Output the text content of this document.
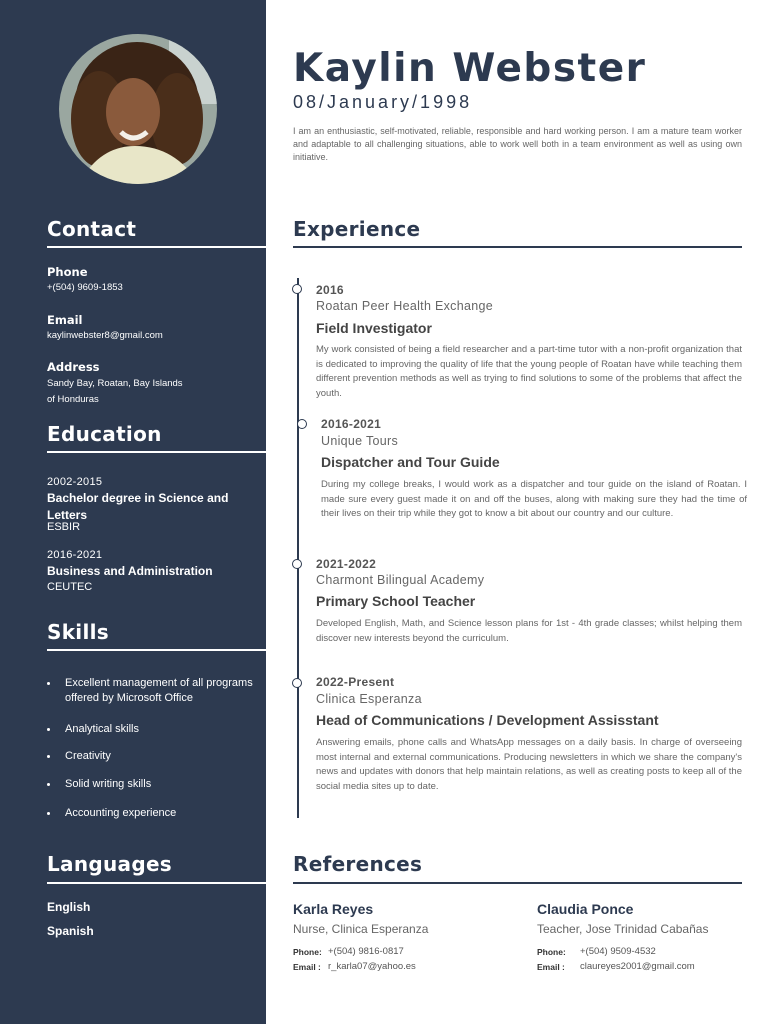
Contact
Phone
+(504) 9609-1853
Email
kaylinwebster8@gmail.com
Address
Sandy Bay, Roatan, Bay Islands
of Honduras
Education
2002-2015
Bachelor degree in Science and Letters
ESBIR
2016-2021
Business and Administration
CEUTEC
Skills
Excellent management of all programs offered by Microsoft Office
Analytical skills
Creativity
Solid writing skills
Accounting experience
Languages
English
Spanish
Kaylin Webster
08/January/1998
I am an enthusiastic, self-motivated, reliable, responsible and hard working person. I am a mature team worker and adaptable to all challenging situations, able to work well both in a team environment as well as using own initiative.
Experience
2016
Roatan Peer Health Exchange
Field Investigator
My work consisted of being a field researcher and a part-time tutor with a non-profit organization that is dedicated to improving the quality of life that the young people of Roatan have while teaching them different prevention methods as well as trying to find solutions to some of the problems that affect the youth.
2016-2021
Unique Tours
Dispatcher and Tour Guide
During my college breaks, I would work as a dispatcher and tour guide on the island of Roatan. I made sure every guest made it on and off the buses, along with making sure they had the time of their lives on their trip while they got to know a bit about our country and our culture.
2021-2022
Charmont Bilingual Academy
Primary School Teacher
Developed English, Math, and Science lesson plans for 1st - 4th grade classes; whilst helping them discover new interests beyond the curriculum.
2022-Present
Clinica Esperanza
Head of Communications / Development Assisstant
Answering emails, phone calls and WhatsApp messages on a daily basis. In charge of overseeing most internal and external communications. Producing newsletters in which we share the company's news and updates with donors that help maintain relations, as well as creating posts to keep all of the social media sites up to date.
References
Karla Reyes
Nurse, Clinica Esperanza
Phone: +(504) 9816-0817
Email : r_karla07@yahoo.es
Claudia Ponce
Teacher, Jose Trinidad Cabañas
Phone: +(504) 9509-4532
Email : claureyes2001@gmail.com
